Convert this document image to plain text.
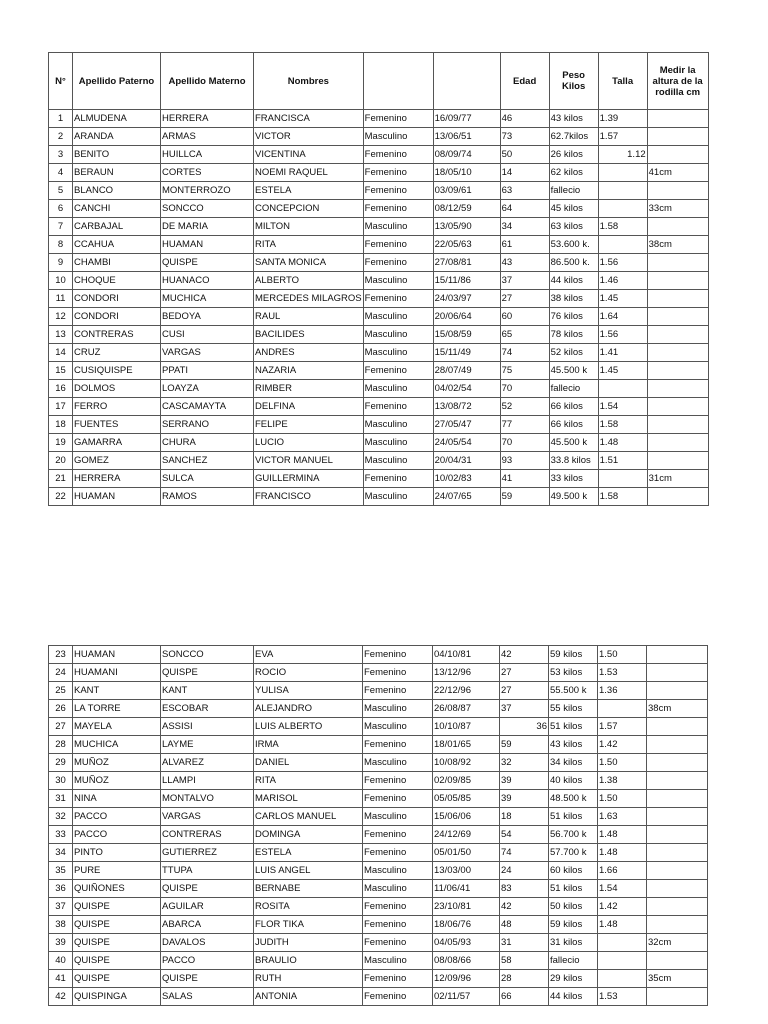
N°	Apellido Paterno	Apellido Materno	Nombres			Edad	Peso Kilos	Talla	Medir la altura de la rodilla cm
1	ALMUDENA	HERRERA	FRANCISCA	Femenino	16/09/77	46	43 kilos	1.39	
2	ARANDA	ARMAS	VICTOR	Masculino	13/06/51	73	62.7kilos	1.57	
3	BENITO	HUILLCA	VICENTINA	Femenino	08/09/74	50	26 kilos	1.12	
4	BERAUN	CORTES	NOEMI RAQUEL	Femenino	18/05/10	14	62 kilos		41cm
5	BLANCO	MONTERROZO	ESTELA	Femenino	03/09/61	63	fallecio		
6	CANCHI	SONCCO	CONCEPCION	Femenino	08/12/59	64	45 kilos		33cm
7	CARBAJAL	DE MARIA	MILTON	Masculino	13/05/90	34	63 kilos	1.58	
8	CCAHUA	HUAMAN	RITA	Femenino	22/05/63	61	53.600 k.		38cm
9	CHAMBI	QUISPE	SANTA MONICA	Femenino	27/08/81	43	86.500 k.	1.56	
10	CHOQUE	HUANACO	ALBERTO	Masculino	15/11/86	37	44 kilos	1.46	
11	CONDORI	MUCHICA	MERCEDES MILAGROS	Femenino	24/03/97	27	38 kilos	1.45	
12	CONDORI	BEDOYA	RAUL	Masculino	20/06/64	60	76 kilos	1.64	
13	CONTRERAS	CUSI	BACILIDES	Masculino	15/08/59	65	78 kilos	1.56	
14	CRUZ	VARGAS	ANDRES	Masculino	15/11/49	74	52 kilos	1.41	
15	CUSIQUISPE	PPATI	NAZARIA	Femenino	28/07/49	75	45.500 k	1.45	
16	DOLMOS	LOAYZA	RIMBER	Masculino	04/02/54	70	fallecio		
17	FERRO	CASCAMAYTA	DELFINA	Femenino	13/08/72	52	66 kilos	1.54	
18	FUENTES	SERRANO	FELIPE	Masculino	27/05/47	77	66 kilos	1.58	
19	GAMARRA	CHURA	LUCIO	Masculino	24/05/54	70	45.500 k	1.48	
20	GOMEZ	SANCHEZ	VICTOR MANUEL	Masculino	20/04/31	93	33.8 kilos	1.51	
21	HERRERA	SULCA	GUILLERMINA	Femenino	10/02/83	41	33 kilos		31cm
22	HUAMAN	RAMOS	FRANCISCO	Masculino	24/07/65	59	49.500 k	1.58	
23	HUAMAN	SONCCO	EVA	Femenino	04/10/81	42	59 kilos	1.50	
24	HUAMANI	QUISPE	ROCIO	Femenino	13/12/96	27	53 kilos	1.53	
25	KANT	KANT	YULISA	Femenino	22/12/96	27	55.500 k	1.36	
26	LA TORRE	ESCOBAR	ALEJANDRO	Masculino	26/08/87	37	55 kilos		38cm
27	MAYELA	ASSISI	LUIS ALBERTO	Masculino	10/10/87	36	51 kilos	1.57	
28	MUCHICA	LAYME	IRMA	Femenino	18/01/65	59	43 kilos	1.42	
29	MUÑOZ	ALVAREZ	DANIEL	Masculino	10/08/92	32	34 kilos	1.50	
30	MUÑOZ	LLAMPI	RITA	Femenino	02/09/85	39	40 kilos	1.38	
31	NINA	MONTALVO	MARISOL	Femenino	05/05/85	39	48.500 k	1.50	
32	PACCO	VARGAS	CARLOS MANUEL	Masculino	15/06/06	18	51 kilos	1.63	
33	PACCO	CONTRERAS	DOMINGA	Femenino	24/12/69	54	56.700 k	1.48	
34	PINTO	GUTIERREZ	ESTELA	Femenino	05/01/50	74	57.700 k	1.48	
35	PURE	TTUPA	LUIS ANGEL	Masculino	13/03/00	24	60 kilos	1.66	
36	QUIÑONES	QUISPE	BERNABE	Masculino	11/06/41	83	51 kilos	1.54	
37	QUISPE	AGUILAR	ROSITA	Femenino	23/10/81	42	50 kilos	1.42	
38	QUISPE	ABARCA	FLOR TIKA	Femenino	18/06/76	48	59 kilos	1.48	
39	QUISPE	DAVALOS	JUDITH	Femenino	04/05/93	31	31 kilos		32cm
40	QUISPE	PACCO	BRAULIO	Masculino	08/08/66	58	fallecio		
41	QUISPE	QUISPE	RUTH	Femenino	12/09/96	28	29 kilos		35cm
42	QUISPINGA	SALAS	ANTONIA	Femenino	02/11/57	66	44 kilos	1.53	
